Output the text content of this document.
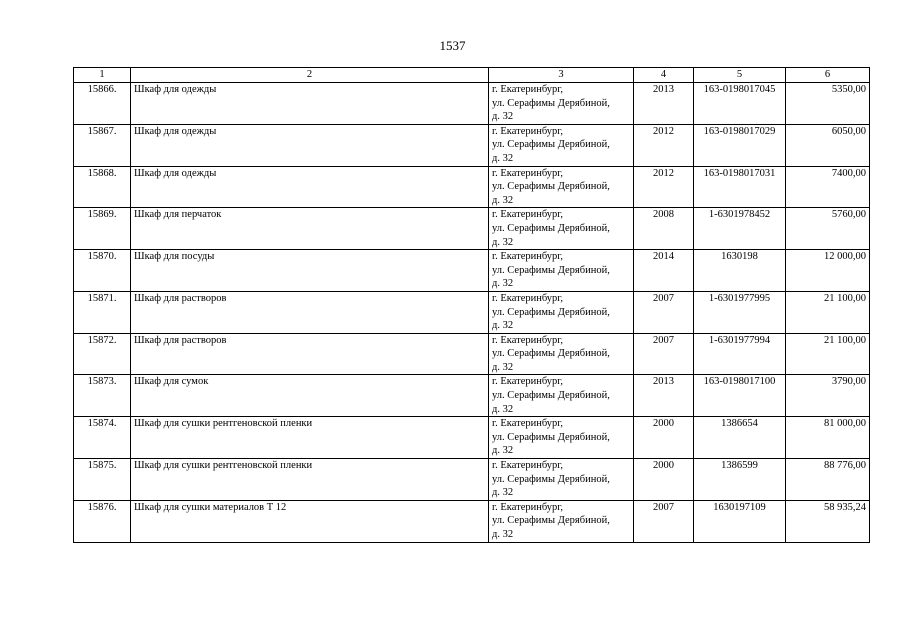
1537
1	2	3	4	5	6
15866.	Шкаф для одежды	г. Екатеринбург,
ул. Серафимы Дерябиной,
д. 32	2013	163-0198017045	5350,00
15867.	Шкаф для одежды	г. Екатеринбург,
ул. Серафимы Дерябиной,
д. 32	2012	163-0198017029	6050,00
15868.	Шкаф для одежды	г. Екатеринбург,
ул. Серафимы Дерябиной,
д. 32	2012	163-0198017031	7400,00
15869.	Шкаф для перчаток	г. Екатеринбург,
ул. Серафимы Дерябиной,
д. 32	2008	1-6301978452	5760,00
15870.	Шкаф для посуды	г. Екатеринбург,
ул. Серафимы Дерябиной,
д. 32	2014	1630198	12 000,00
15871.	Шкаф для растворов	г. Екатеринбург,
ул. Серафимы Дерябиной,
д. 32	2007	1-6301977995	21 100,00
15872.	Шкаф для растворов	г. Екатеринбург,
ул. Серафимы Дерябиной,
д. 32	2007	1-6301977994	21 100,00
15873.	Шкаф для сумок	г. Екатеринбург,
ул. Серафимы Дерябиной,
д. 32	2013	163-0198017100	3790,00
15874.	Шкаф для сушки рентгеновской пленки	г. Екатеринбург,
ул. Серафимы Дерябиной,
д. 32	2000	1386654	81 000,00
15875.	Шкаф для сушки рентгеновской пленки	г. Екатеринбург,
ул. Серафимы Дерябиной,
д. 32	2000	1386599	88 776,00
15876.	Шкаф для сушки материалов Т 12	г. Екатеринбург,
ул. Серафимы Дерябиной,
д. 32	2007	1630197109	58 935,24
